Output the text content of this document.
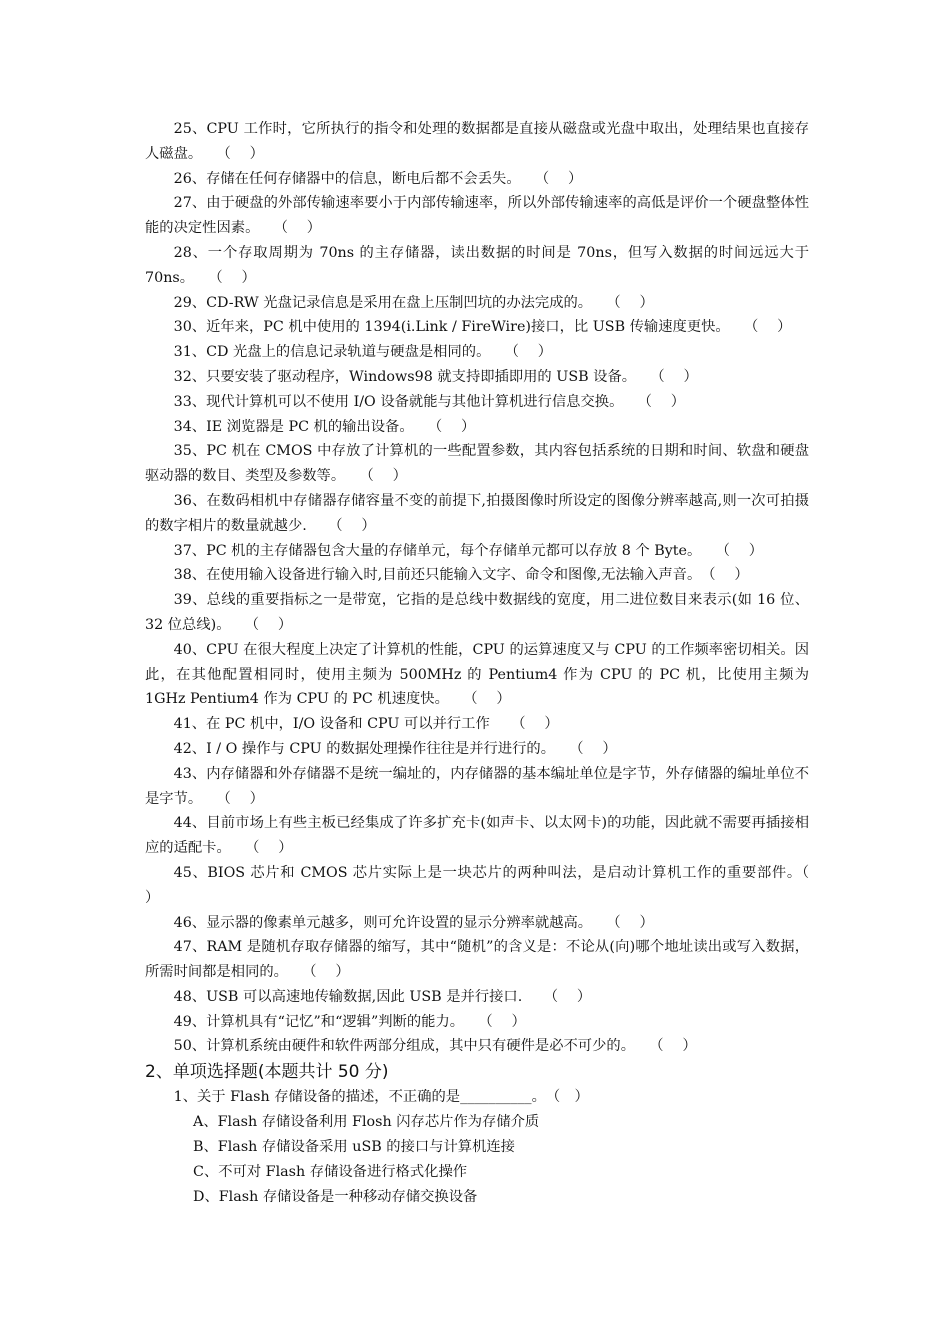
25、CPU 工作时，它所执行的指令和处理的数据都是直接从磁盘或光盘中取出，处理结果也直接存人磁盘。　　（　 ）

26、存储在任何存储器中的信息，断电后都不会丢失。　　（　 ）

27、由于硬盘的外部传输速率要小于内部传输速率，所以外部传输速率的高低是评价一个硬盘整体性能的决定性因素。　　（　 ）

28、一个存取周期为 70ns 的主存储器，读出数据的时间是 70ns，但写入数据的时间远远大于 70ns。　　（　 ）

29、CD-RW 光盘记录信息是采用在盘上压制凹坑的办法完成的。　　（　 ）

30、近年来，PC 机中使用的 1394(i.Link / FireWire)接口，比 USB 传输速度更快。　　（　 ）

31、CD 光盘上的信息记录轨道与硬盘是相同的。　　（　 ）

32、只要安装了驱动程序，Windows98 就支持即插即用的 USB 设备。　　（　 ）

33、现代计算机可以不使用 I/O 设备就能与其他计算机进行信息交换。　　（　 ）

34、IE 浏览器是 PC 机的输出设备。　　（　 ）

35、PC 机在 CMOS 中存放了计算机的一些配置参数，其内容包括系统的日期和时间、软盘和硬盘驱动器的数目、类型及参数等。　　（　 ）

36、在数码相机中存储器存储容量不变的前提下,拍摄图像时所设定的图像分辨率越高,则一次可拍摄的数字相片的数量就越少.　　（　 ）

37、PC 机的主存储器包含大量的存储单元，每个存储单元都可以存放 8 个 Byte。　　（　 ）

38、在使用输入设备进行输入时,目前还只能输入文字、命令和图像,无法输入声音。　（　 ）

39、总线的重要指标之一是带宽，它指的是总线中数据线的宽度，用二进位数目来表示(如 16 位、32 位总线)。　　（　 ）

40、CPU 在很大程度上决定了计算机的性能，CPU 的运算速度又与 CPU 的工作频率密切相关。因此，在其他配置相同时，使用主频为 500MHz 的 Pentium4 作为 CPU 的 PC 机，比使用主频为 1GHz Pentium4 作为 CPU 的 PC 机速度快。　　（　 ）

41、在 PC 机中，I/O 设备和 CPU 可以并行工作　　（　 ）

42、I / O 操作与 CPU 的数据处理操作往往是并行进行的。　　（　 ）

43、内存储器和外存储器不是统一编址的，内存储器的基本编址单位是字节，外存储器的编址单位不是字节。　　（　 ）

44、目前市场上有些主板已经集成了许多扩充卡(如声卡、以太网卡)的功能，因此就不需要再插接相应的适配卡。　　（　 ）

45、BIOS 芯片和 CMOS 芯片实际上是一块芯片的两种叫法，是启动计算机工作的重要部件。（　 ）

46、显示器的像素单元越多，则可允许设置的显示分辨率就越高。　　（　 ）

47、RAM 是随机存取存储器的缩写，其中“随机”的含义是：不论从(向)哪个地址读出或写入数据，所需时间都是相同的。　　（　 ）

48、USB 可以高速地传输数据,因此 USB 是并行接口.　　（　 ）

49、计算机具有“记忆”和“逻辑”判断的能力。　　（　 ）

50、计算机系统由硬件和软件两部分组成，其中只有硬件是必不可少的。　　（　 ）

2、单项选择题(本题共计 50 分)

1、关于 Flash 存储设备的描述，不正确的是__________。　（　）

A、Flash 存储设备利用 Flosh 闪存芯片作为存储介质

B、Flash 存储设备采用 uSB 的接口与计算机连接

C、不可对 Flash 存储设备进行格式化操作

D、Flash 存储设备是一种移动存储交换设备
